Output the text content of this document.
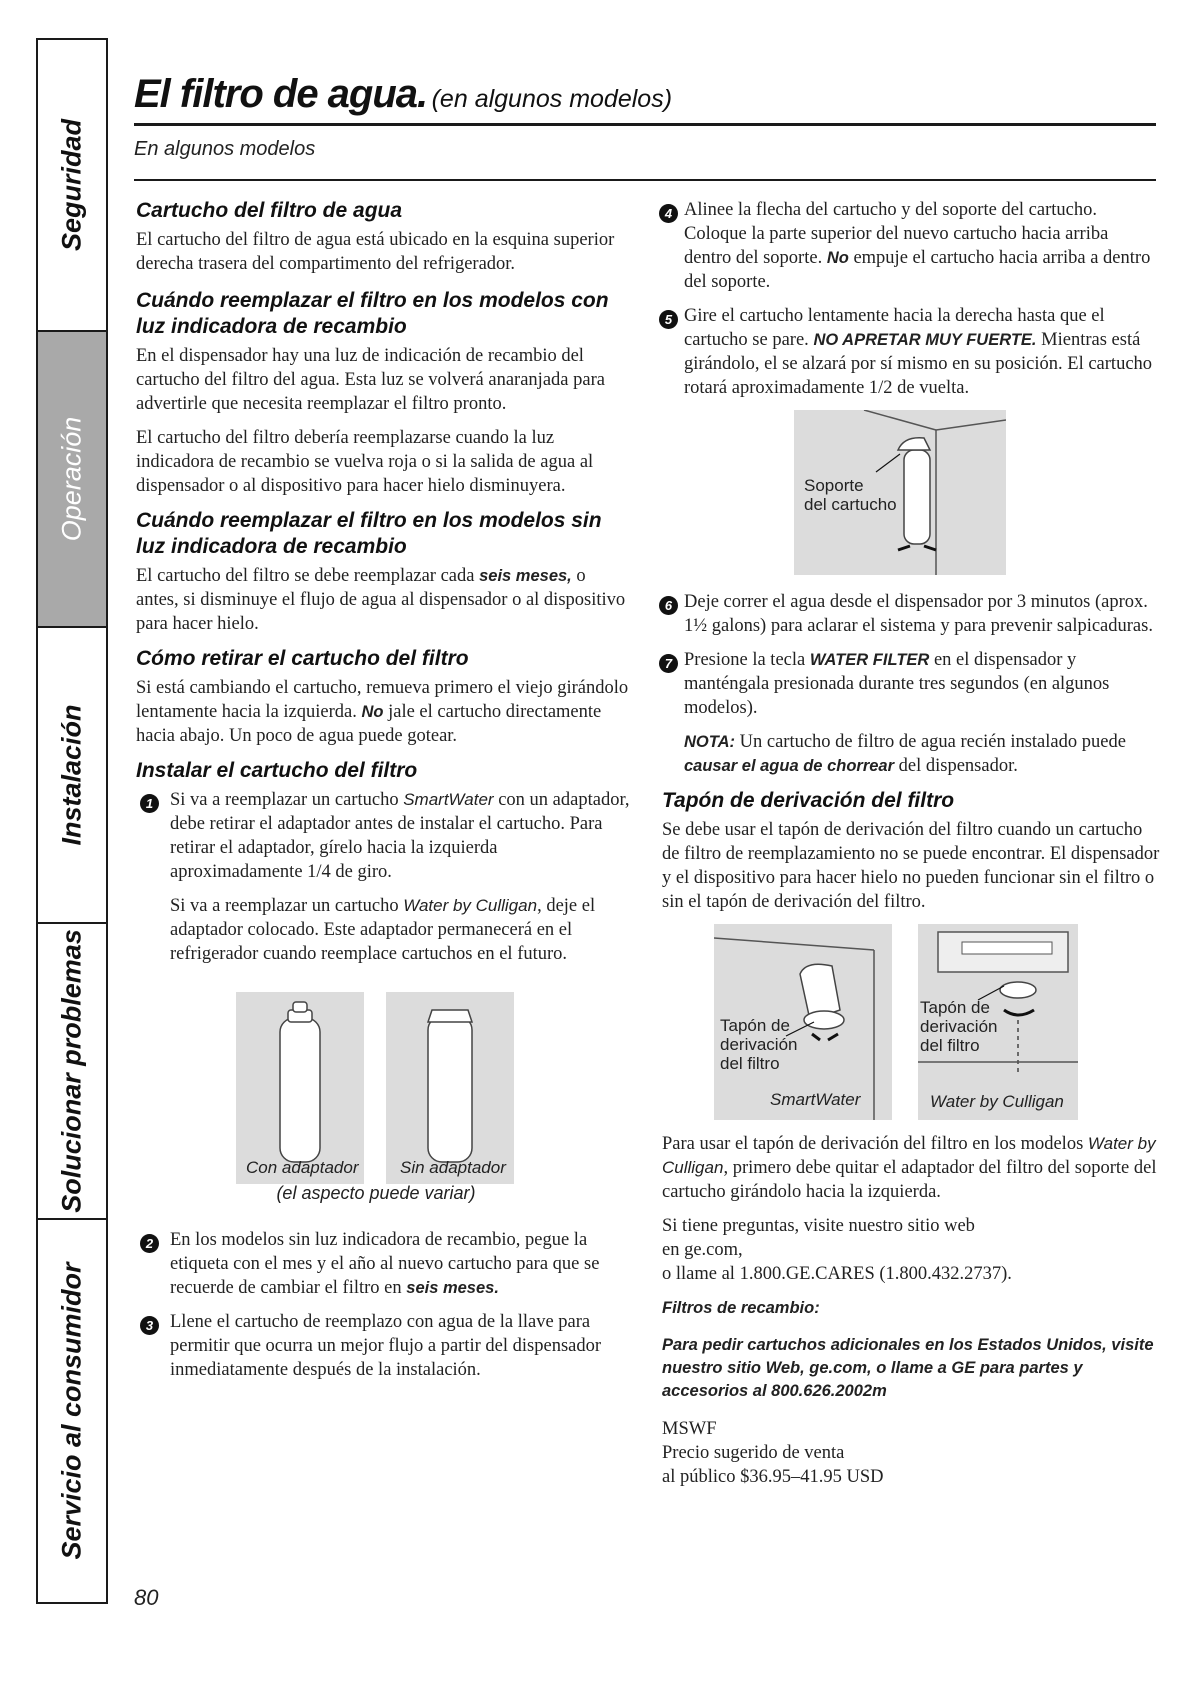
Seguridad
Operación
Instalación
Solucionar problemas
Servicio al consumidor
El filtro de agua. (en algunos modelos)
En algunos modelos
Cartucho del filtro de agua

El cartucho del filtro de agua está ubicado en la esquina superior derecha trasera del compartimento del refrigerador.

Cuándo reemplazar el filtro en los modelos con luz indicadora de recambio

En el dispensador hay una luz de indicación de recambio del cartucho del filtro del agua. Esta luz se volverá anaranjada para advertirle que necesita reemplazar el filtro pronto.

El cartucho del filtro debería reemplazarse cuando la luz indicadora de recambio se vuelva roja o si la salida de agua al dispensador o al dispositivo para hacer hielo disminuyera.

Cuándo reemplazar el filtro en los modelos sin luz indicadora de recambio

El cartucho del filtro se debe reemplazar cada seis meses, o antes, si disminuye el flujo de agua al dispensador o al dispositivo para hacer hielo.

Cómo retirar el cartucho del filtro

Si está cambiando el cartucho, remueva primero el viejo girándolo lentamente hacia la izquierda. No jale el cartucho directamente hacia abajo. Un poco de agua puede gotear.

Instalar el cartucho del filtro
1 Si va a reemplazar un cartucho SmartWater con un adaptador, debe retirar el adaptador antes de instalar el cartucho. Para retirar el adaptador, gírelo hacia la izquierda aproximadamente 1/4 de giro.

Si va a reemplazar un cartucho Water by Culligan, deje el adaptador colocado. Este adaptador permanecerá en el refrigerador cuando reemplace cartuchos en el futuro.

Con adaptador Sin adaptador
(el aspecto puede variar)
2 En los modelos sin luz indicadora de recambio, pegue la etiqueta con el mes y el año al nuevo cartucho para que se recuerde de cambiar el filtro en seis meses.

3 Llene el cartucho de reemplazo con agua de la llave para permitir que ocurra un mejor flujo a partir del dispensador inmediatamente después de la instalación.

4 Alinee la flecha del cartucho y del soporte del cartucho. Coloque la parte superior del nuevo cartucho hacia arriba dentro del soporte. No empuje el cartucho hacia arriba a dentro del soporte.

5 Gire el cartucho lentamente hacia la derecha hasta que el cartucho se pare. NO APRETAR MUY FUERTE. Mientras está girándolo, el se alzará por sí mismo en su posición. El cartucho rotará aproximadamente 1/2 de vuelta.

Soporte
del cartucho
6 Deje correr el agua desde el dispensador por 3 minutos (aprox. 1½ galons) para aclarar el sistema y para prevenir salpicaduras.

7 Presione la tecla WATER FILTER en el dispensador y manténgala presionada durante tres segundos (en algunos modelos).

NOTA: Un cartucho de filtro de agua recién instalado puede causar el agua de chorrear del dispensador.

Tapón de derivación del filtro

Se debe usar el tapón de derivación del filtro cuando un cartucho de filtro de reemplazamiento no se puede encontrar. El dispensador y el dispositivo para hacer hielo no pueden funcionar sin el filtro o sin el tapón de derivación del filtro.

Tapón de
derivación
del filtro
SmartWater
Tapón de
derivación
del filtro
Water by Culligan

Para usar el tapón de derivación del filtro en los modelos Water by Culligan, primero debe quitar el adaptador del filtro del soporte del cartucho girándolo hacia la izquierda.

Si tiene preguntas, visite nuestro sitio web
en ge.com,
o llame al 1.800.GE.CARES (1.800.432.2737).

Filtros de recambio:

Para pedir cartuchos adicionales en los Estados Unidos, visite nuestro sitio Web, ge.com, o llame a GE para partes y accesorios al 800.626.2002m

MSWF
Precio sugerido de venta
al público $36.95–41.95 USD

80
